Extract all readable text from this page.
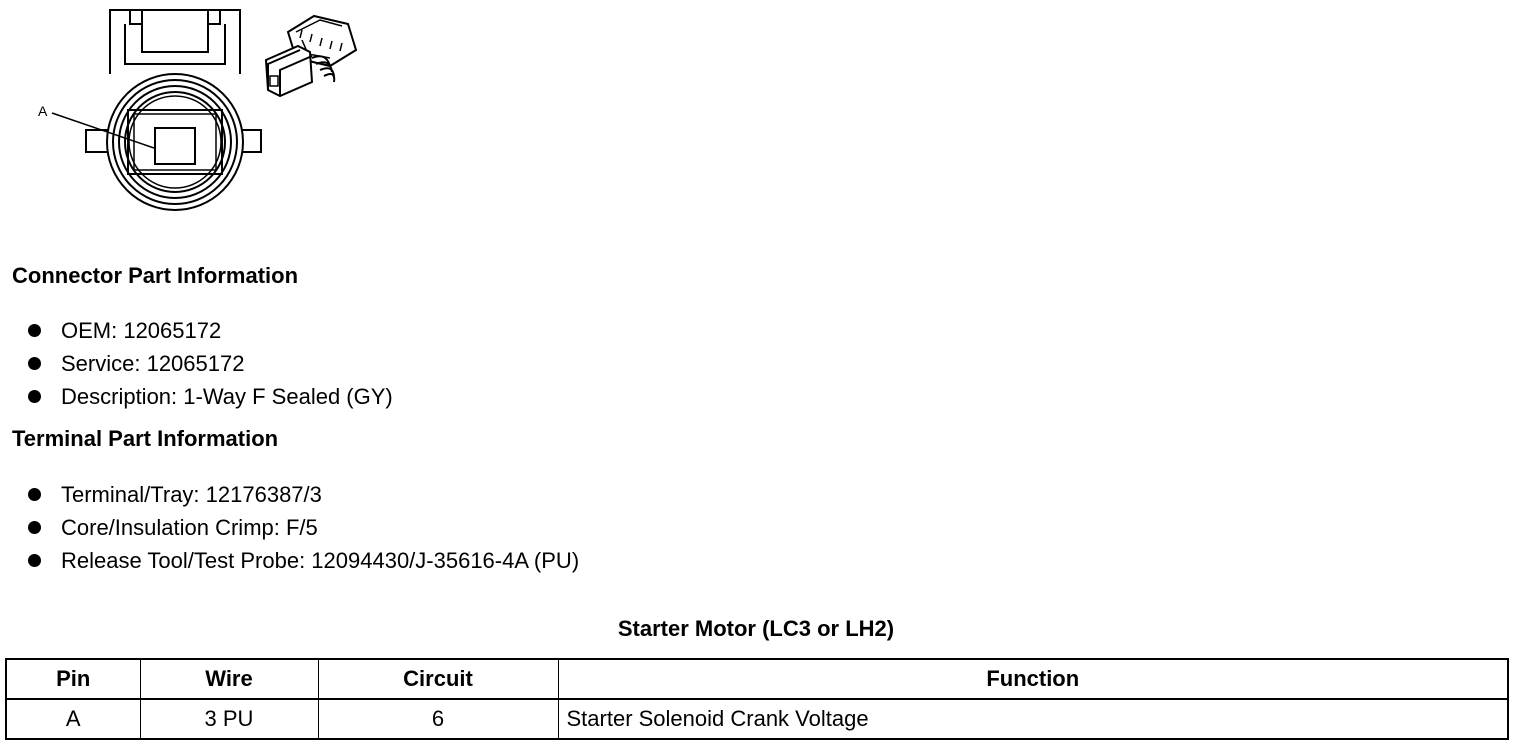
A
Connector Part Information
OEM: 12065172
Service: 12065172
Description: 1-Way F Sealed (GY)
Terminal Part Information
Terminal/Tray: 12176387/3
Core/Insulation Crimp: F/5
Release Tool/Test Probe: 12094430/J-35616-4A (PU)
Starter Motor (LC3 or LH2)
Pin	Wire	Circuit	Function
A	3 PU	6	Starter Solenoid Crank Voltage
